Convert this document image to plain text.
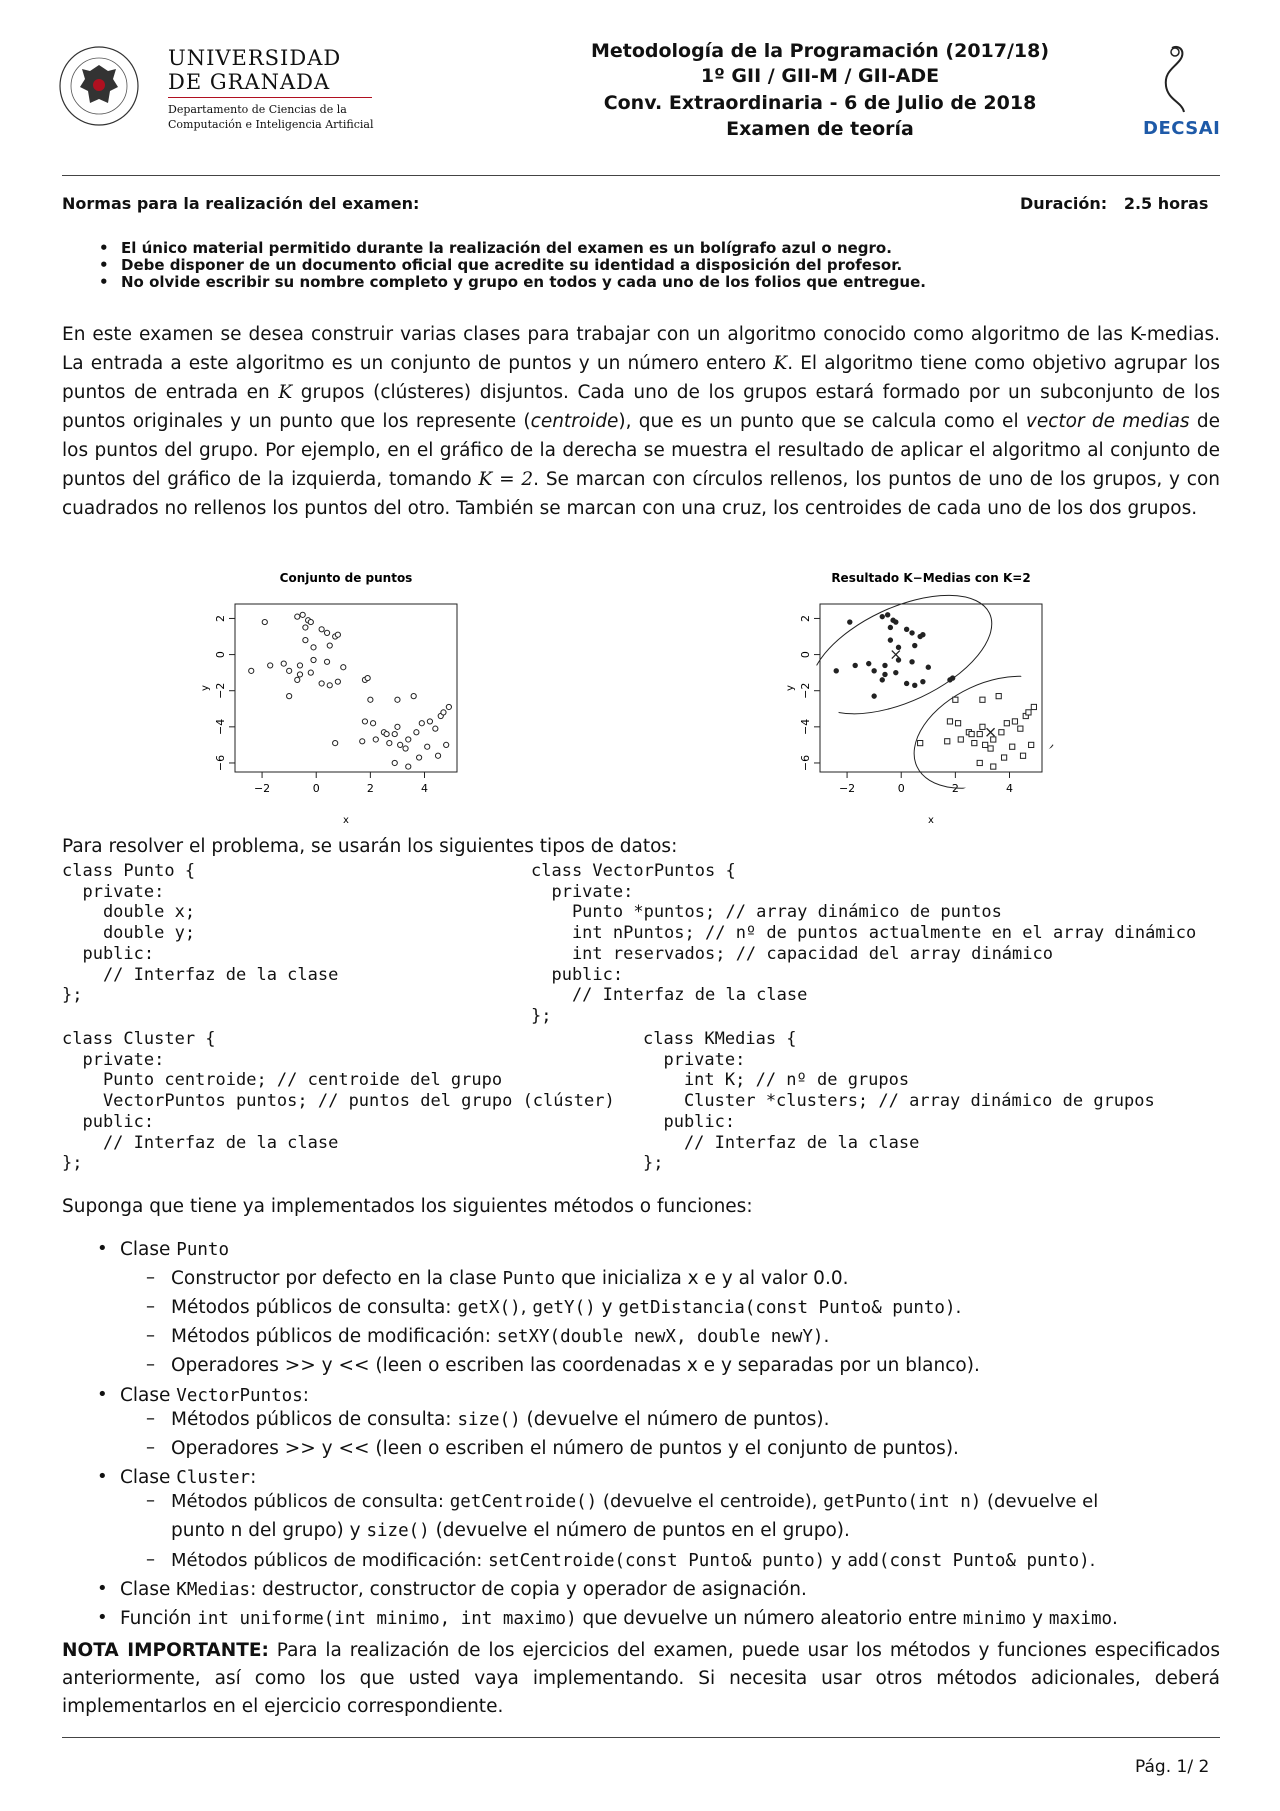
UNIVERSIDAD
DE GRANADA
Departamento de Ciencias de la
Computación e Inteligencia Artificial
Metodología de la Programación (2017/18)
1º GII / GII-M / GII-ADE
Conv. Extraordinaria - 6 de Julio de 2018
Examen de teoría	DECSAI
Normas para la realización del examen:	Duración: 2.5 horas
• El único material permitido durante la realización del examen es un bolígrafo azul o negro.
• Debe disponer de un documento oficial que acredite su identidad a disposición del profesor.
• No olvide escribir su nombre completo y grupo en todos y cada uno de los folios que entregue.
En este examen se desea construir varias clases para trabajar con un algoritmo conocido como algoritmo de las K-medias. La entrada a este algoritmo es un conjunto de puntos y un número entero K. El algoritmo tiene como objetivo agrupar los puntos de entrada en K grupos (clústeres) disjuntos. Cada uno de los grupos estará formado por un subconjunto de los puntos originales y un punto que los represente (centroide), que es un punto que se calcula como el vector de medias de los puntos del grupo. Por ejemplo, en el gráfico de la derecha se muestra el resultado de aplicar el algoritmo al conjunto de puntos del gráfico de la izquierda, tomando K = 2. Se marcan con círculos rellenos, los puntos de uno de los grupos, y con cuadrados no rellenos los puntos del otro. También se marcan con una cruz, los centroides de cada uno de los dos grupos.
Conjunto de puntos
−2	0	2	4
2
0
−2
−4
−6
x
y
Resultado K−Medias con K=2
−2	0	2	4
2
0
−2
−4
−6
x
y
Para resolver el problema, se usarán los siguientes tipos de datos:
class Punto {
private:
double x;
double y;
public:
// Interfaz de la clase
};
class VectorPuntos {
private:
Punto *puntos; // array dinámico de puntos
int nPuntos; // nº de puntos actualmente en el array dinámico
int reservados; // capacidad del array dinámico
public:
// Interfaz de la clase
};
class Cluster {
private:
Punto centroide; // centroide del grupo
VectorPuntos puntos; // puntos del grupo (clúster)
public:
// Interfaz de la clase
};
class KMedias {
private:
int K; // nº de grupos
Cluster *clusters; // array dinámico de grupos
public:
// Interfaz de la clase
};
Suponga que tiene ya implementados los siguientes métodos o funciones:
• Clase Punto
– Constructor por defecto en la clase Punto que inicializa x e y al valor 0.0.
– Métodos públicos de consulta: getX(), getY() y getDistancia(const Punto& punto).
– Métodos públicos de modificación: setXY(double newX, double newY).
– Operadores >> y << (leen o escriben las coordenadas x e y separadas por un blanco).
• Clase VectorPuntos:
– Métodos públicos de consulta: size() (devuelve el número de puntos).
– Operadores >> y << (leen o escriben el número de puntos y el conjunto de puntos).
• Clase Cluster:
– Métodos públicos de consulta: getCentroide() (devuelve el centroide), getPunto(int n) (devuelve el
punto n del grupo) y size() (devuelve el número de puntos en el grupo).
– Métodos públicos de modificación: setCentroide(const Punto& punto) y add(const Punto& punto).
• Clase KMedias: destructor, constructor de copia y operador de asignación.
• Función int uniforme(int minimo, int maximo) que devuelve un número aleatorio entre minimo y maximo.
NOTA IMPORTANTE: Para la realización de los ejercicios del examen, puede usar los métodos y funciones especificados anteriormente, así como los que usted vaya implementando. Si necesita usar otros métodos adicionales, deberá implementarlos en el ejercicio correspondiente.
Pág. 1/ 2
